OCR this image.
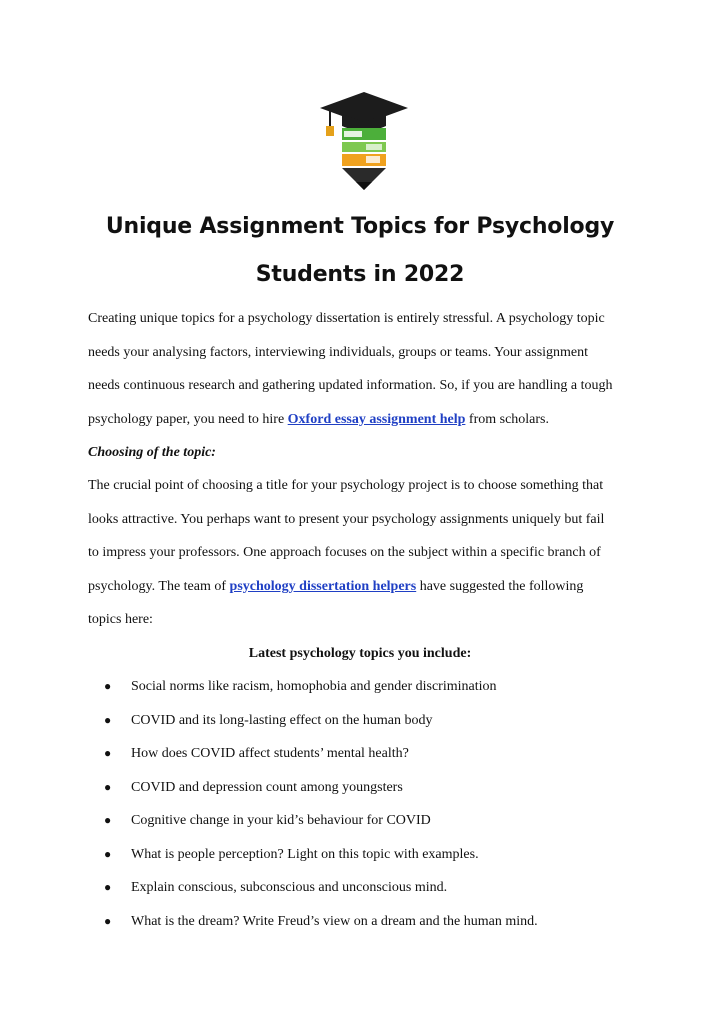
Unique Assignment Topics for Psychology
Students in 2022
Creating unique topics for a psychology dissertation is entirely stressful. A psychology topic
needs your analysing factors, interviewing individuals, groups or teams. Your assignment
needs continuous research and gathering updated information. So, if you are handling a tough
psychology paper, you need to hire Oxford essay assignment help from scholars.
Choosing of the topic:
The crucial point of choosing a title for your psychology project is to choose something that
looks attractive. You perhaps want to present your psychology assignments uniquely but fail
to impress your professors. One approach focuses on the subject within a specific branch of
psychology. The team of psychology dissertation helpers have suggested the following
topics here:
Latest psychology topics you include:
● Social norms like racism, homophobia and gender discrimination
● COVID and its long-lasting effect on the human body
● How does COVID affect students’ mental health?
● COVID and depression count among youngsters
● Cognitive change in your kid’s behaviour for COVID
● What is people perception? Light on this topic with examples.
● Explain conscious, subconscious and unconscious mind.
● What is the dream? Write Freud’s view on a dream and the human mind.
